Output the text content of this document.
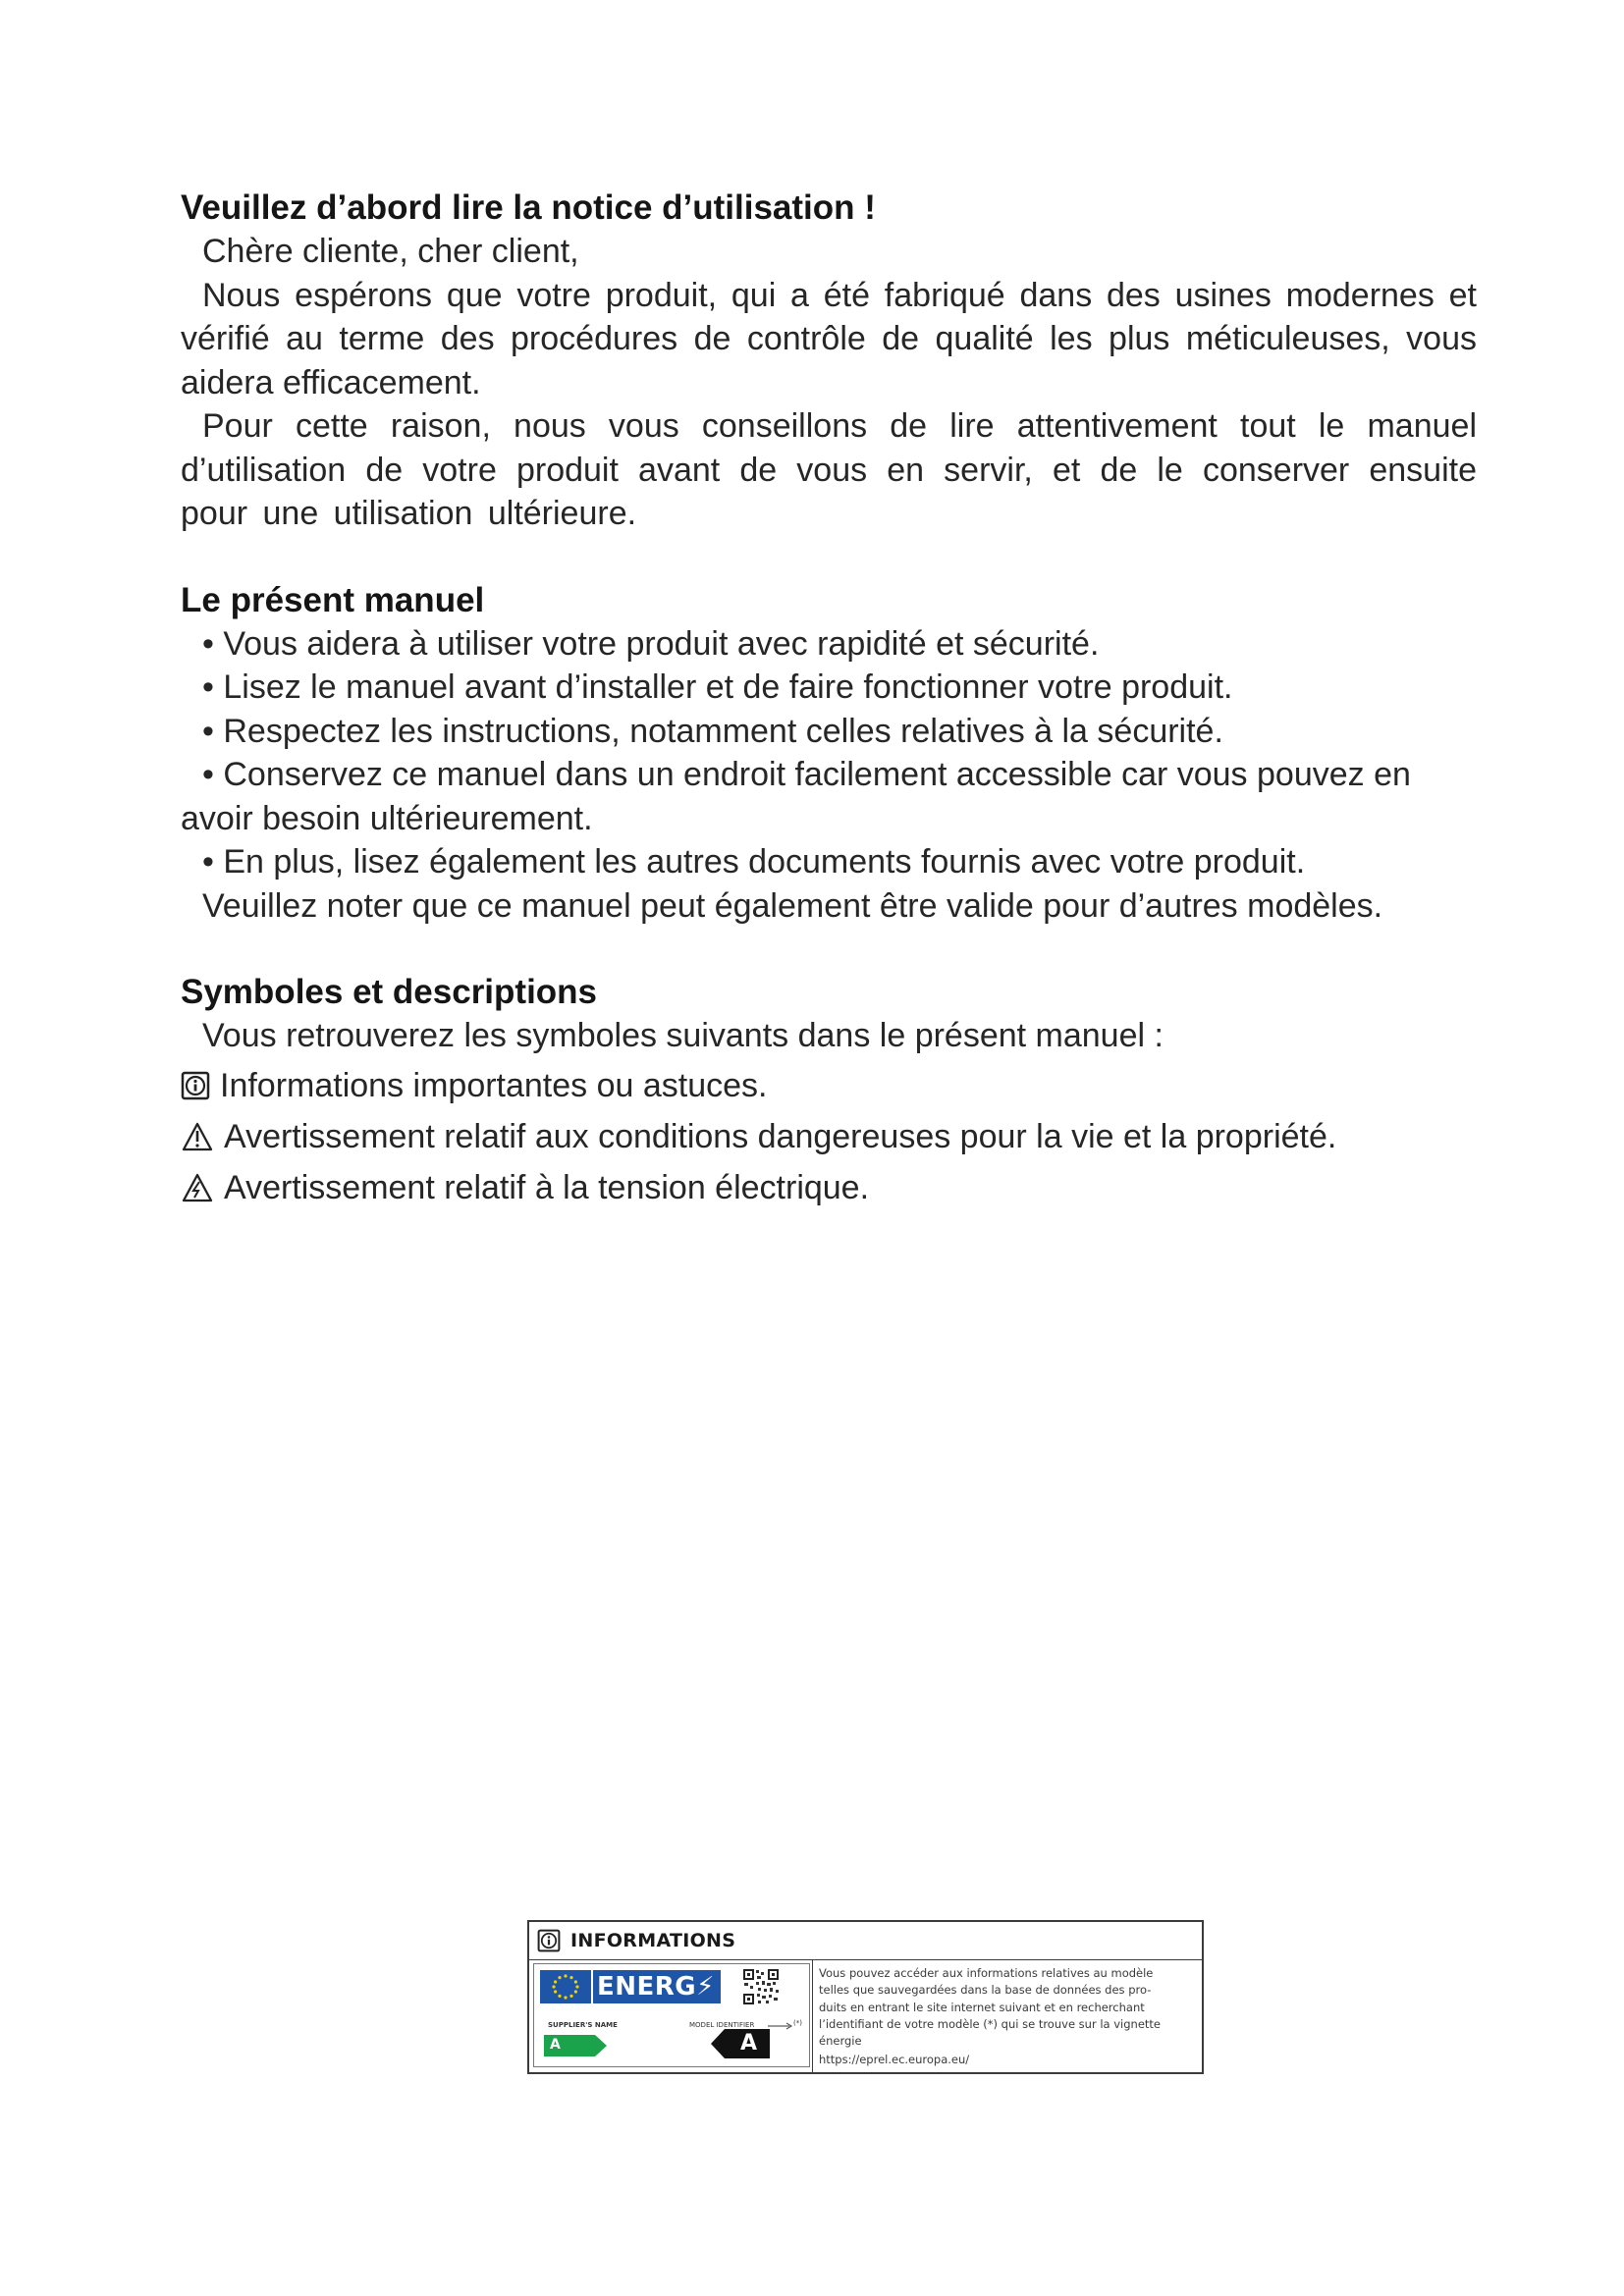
Veuillez d’abord lire la notice d’utilisation !

Chère cliente, cher client,

Nous espérons que votre produit, qui a été fabriqué dans des usines modernes et vérifié au terme des procédures de contrôle de qualité les plus méticuleuses, vous aidera efficacement.

Pour cette raison, nous vous conseillons de lire attentivement tout le manuel d’utilisation de votre produit avant de vous en servir, et de le conserver ensuite pour une utilisation ultérieure.

Le présent manuel

• Vous aidera à utiliser votre produit avec rapidité et sécurité.

• Lisez le manuel avant d’installer et de faire fonctionner votre produit.

• Respectez les instructions, notamment celles relatives à la sécurité.

• Conservez ce manuel dans un endroit facilement accessible car vous pouvez en avoir besoin ultérieurement.

• En plus, lisez également les autres documents fournis avec votre produit.

Veuillez noter que ce manuel peut également être valide pour d’autres modèles.

Symboles et descriptions

Vous retrouverez les symboles suivants dans le présent manuel :

Informations importantes ou astuces.
Avertissement relatif aux conditions dangereuses pour la vie et la propriété.
Avertissement relatif à la tension électrique.
INFORMATIONS
ENERG⚡
SUPPLIER'S NAME	MODEL IDENTIFIER	(*)
A	A
Vous pouvez accéder aux informations relatives au modèle
telles que sauvegardées dans la base de données des pro-
duits en entrant le site internet suivant et en recherchant
l’identifiant de votre modèle (*) qui se trouve sur la vignette
énergie
https://eprel.ec.europa.eu/
